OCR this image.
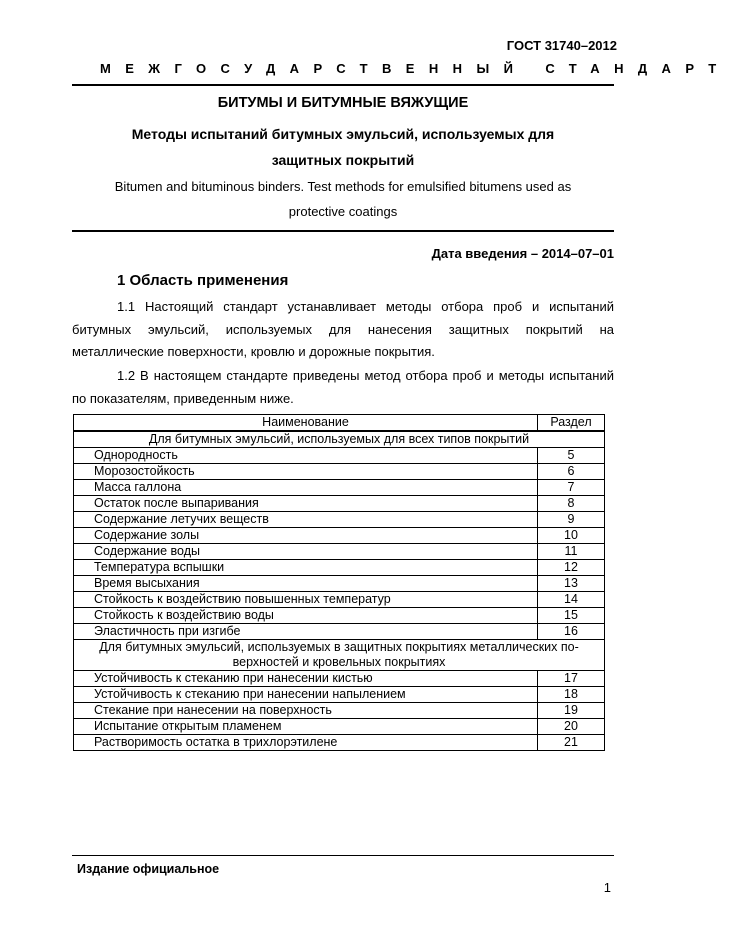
ГОСТ 31740–2012
МЕЖГОСУДАРСТВЕННЫЙ СТАНДАРТ
БИТУМЫ И БИТУМНЫЕ ВЯЖУЩИЕ
Методы испытаний битумных эмульсий, используемых для
защитных покрытий
Bitumen and bituminous binders. Test methods for emulsified bitumens used as
protective coatings
Дата введения – 2014–07–01
1 Область применения
1.1 Настоящий стандарт устанавливает методы отбора проб и испытаний битумных эмульсий, используемых для нанесения защитных покрытий на металлические поверхности, кровлю и дорожные покрытия.
1.2 В настоящем стандарте приведены метод отбора проб и методы испытаний по показателям, приведенным ниже.
Наименование	Раздел
Для битумных эмульсий, используемых для всех типов покрытий	
Однородность	5
Морозостойкость	6
Масса галлона	7
Остаток после выпаривания	8
Содержание летучих веществ	9
Содержание золы	10
Содержание воды	11
Температура вспышки	12
Время высыхания	13
Стойкость к воздействию повышенных температур	14
Стойкость к воздействию воды	15
Эластичность при изгибе	16
Для битумных эмульсий, используемых в защитных покрытиях металлических по-
верхностей и кровельных покрытиях	
Устойчивость к стеканию при нанесении кистью	17
Устойчивость к стеканию при нанесении напылением	18
Стекание при нанесении на поверхность	19
Испытание открытым пламенем	20
Растворимость остатка в трихлорэтилене	21
Издание официальное
1
